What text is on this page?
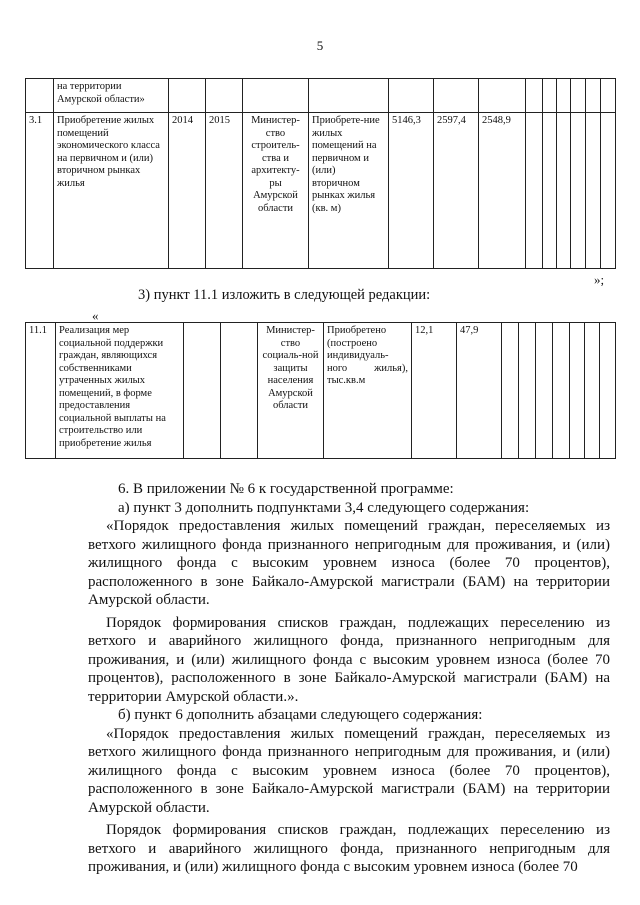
5
	на территории Амурской области»													
3.1	Приобретение жилых помещений экономического класса на первичном и (или) вторичном рынках жилья	2014	2015	Министер-ство строитель-ства и архитекту-ры Амурской области	Приобрете-ние жилых помещений на первичном и (или) вторичном рынках жилья (кв. м)	5146,3	2597,4	2548,9						
»;
3) пункт 11.1 изложить в следующей редакции:
«
11.1	Реализация мер социальной поддержки граждан, являющихся собственниками утраченных жилых помещений, в форме предоставления социальной выплаты на строительство или приобретение жилья			Министер-ство социаль-ной защиты населения Амурской области	Приобретено (построено индивидуаль-ного жилья), тыс.кв.м	12,1	47,9							

6. В приложении № 6 к государственной программе:

а) пункт 3 дополнить подпунктами 3,4 следующего содержания:

«Порядок предоставления жилых помещений граждан, переселяемых из ветхого жилищного фонда признанного непригодным для проживания, и (или) жилищного фонда с высоким уровнем износа (более 70 процентов), расположенного в зоне Байкало-Амурской магистрали (БАМ) на территории Амурской области.

Порядок формирования списков граждан, подлежащих переселению из ветхого и аварийного жилищного фонда, признанного непригодным для проживания, и (или) жилищного фонда с высоким уровнем износа (более 70 процентов), расположенного в зоне Байкало-Амурской магистрали (БАМ) на территории Амурской области.».

б) пункт 6 дополнить абзацами следующего содержания:

«Порядок предоставления жилых помещений граждан, переселяемых из ветхого жилищного фонда признанного непригодным для проживания, и (или) жилищного фонда с высоким уровнем износа (более 70 процентов), расположенного в зоне Байкало-Амурской магистрали (БАМ) на территории Амурской области.

Порядок формирования списков граждан, подлежащих переселению из ветхого и аварийного жилищного фонда, признанного непригодным для проживания, и (или) жилищного фонда с высоким уровнем износа (более 70
